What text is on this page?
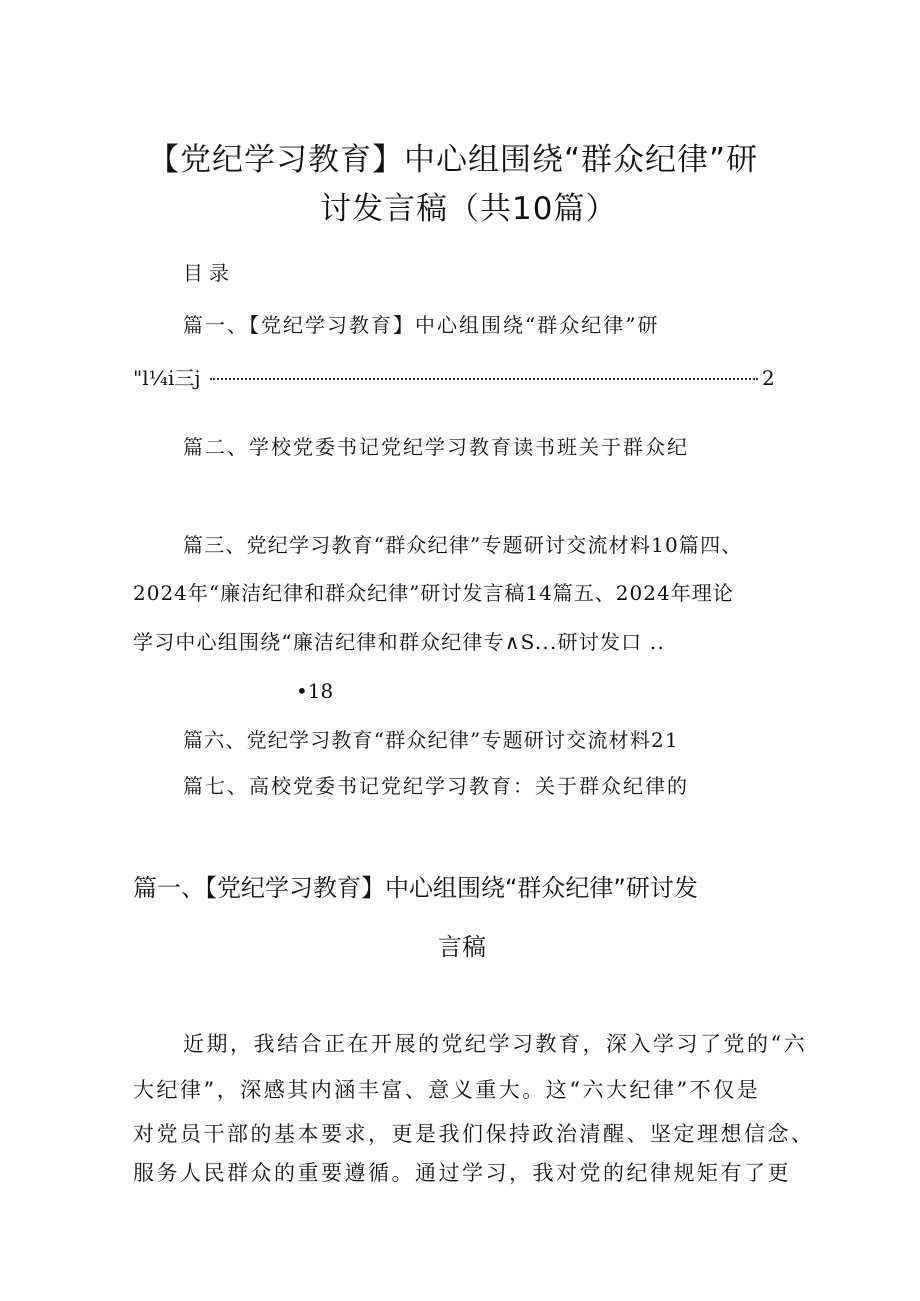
【党纪学习教育】中心组围绕“群众纪律”研
讨发言稿（共10篇）
目录
篇一、【党纪学习教育】中心组围绕“群众纪律”研
"l¼i三j	2
篇二、学校党委书记党纪学习教育读书班关于群众纪
篇三、党纪学习教育“群众纪律”专题研讨交流材料10篇四、
2024年“廉洁纪律和群众纪律”研讨发言稿14篇五、2024年理论
学习中心组围绕“廉洁纪律和群众纪律专∧S...研讨发口 ..
•18
篇六、党纪学习教育“群众纪律”专题研讨交流材料21
篇七、高校党委书记党纪学习教育：关于群众纪律的
篇一、【党纪学习教育】中心组围绕“群众纪律”研讨发
言稿
近期，我结合正在开展的党纪学习教育，深入学习了党的“六
大纪律”，深感其内涵丰富、意义重大。这“六大纪律”不仅是
对党员干部的基本要求，更是我们保持政治清醒、坚定理想信念、
服务人民群众的重要遵循。通过学习，我对党的纪律规矩有了更
